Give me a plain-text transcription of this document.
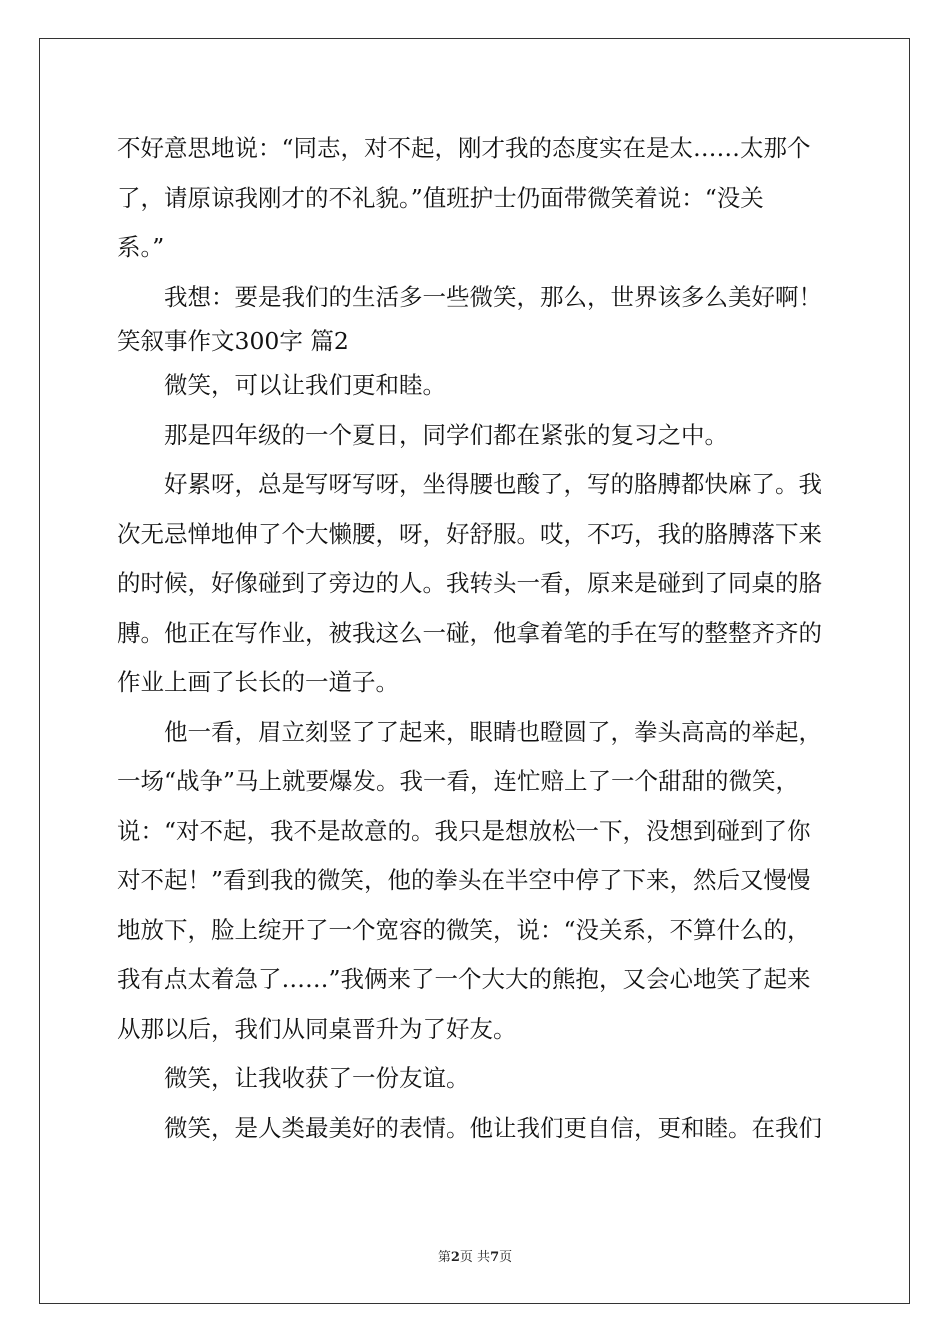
不好意思地说：“同志，对不起，刚才我的态度实在是太……太那个
了，请原谅我刚才的不礼貌。”值班护士仍面带微笑着说：“没关
系。”
我想：要是我们的生活多一些微笑，那么，世界该多么美好啊！
笑叙事作文300字 篇2
微笑，可以让我们更和睦。
那是四年级的一个夏日，同学们都在紧张的复习之中。
好累呀，总是写呀写呀，坐得腰也酸了，写的胳膊都快麻了。我
次无忌惮地伸了个大懒腰，呀，好舒服。哎，不巧，我的胳膊落下来
的时候，好像碰到了旁边的人。我转头一看，原来是碰到了同桌的胳
膊。他正在写作业，被我这么一碰，他拿着笔的手在写的整整齐齐的
作业上画了长长的一道子。
他一看，眉立刻竖了了起来，眼睛也瞪圆了，拳头高高的举起，
一场“战争”马上就要爆发。我一看，连忙赔上了一个甜甜的微笑，
说：“对不起，我不是故意的。我只是想放松一下，没想到碰到了你
对不起！”看到我的微笑，他的拳头在半空中停了下来，然后又慢慢
地放下，脸上绽开了一个宽容的微笑，说：“没关系，不算什么的，
我有点太着急了……”我俩来了一个大大的熊抱，又会心地笑了起来
从那以后，我们从同桌晋升为了好友。
微笑，让我收获了一份友谊。
微笑，是人类最美好的表情。他让我们更自信，更和睦。在我们
第2页 共7页
